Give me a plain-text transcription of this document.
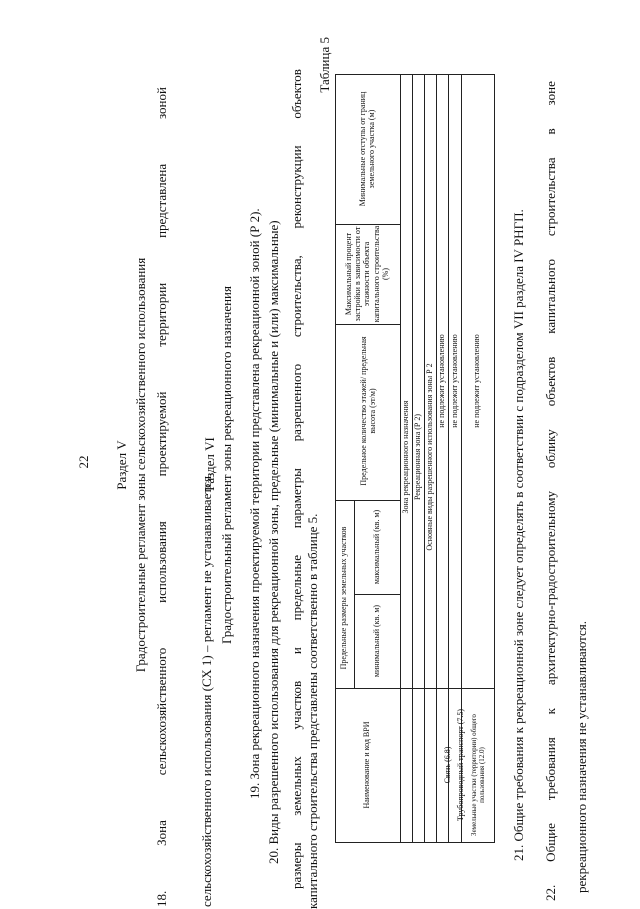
22 Раздел V Градостроительные регламент зоны сельскохозяйственного использования
18.
Зона
сельскохозяйственного
использования
проектируемой
территории
представлена
зоной
сельскохозяйственного использования (СХ 1) – регламент не устанавливается.
Раздел VI Градостроительный регламент зоны рекреационного назначения 19. Зона рекреационного назначения проектируемой территории представлена рекреационной зоной (Р 2). 20. Виды разрешенного использования для рекреационной зоны, предельные (минимальные и (или) максимальные)
размеры
земельных
участков
и
предельные
параметры
разрешенного
строительства,
реконструкции
объектов
капитального строительства представлены соответственно в таблице 5.
Таблица 5
Минимальные отступы от границ земельного участка (м)
Максимальный процент застройки в зависимости от этажности объекта капитального строительства (%)
Предельное количество этажей/ предельная высота (эт/м)
Предельные размеры земельных участков	максимальный (кв. м)
минимальный (кв. м)
Наименование и код ВРИ
Зона рекреационного назначения Рекреационная зона (Р 2) Основные виды разрешенного использования зоны Р 2
Связь (6.8) Трубопроводный транспорт (7.5) Земельные участки (территории) общего пользования (12.0)
не подлежит установлению не подлежит установлению не подлежит установлению 21. Общие требования к рекреационной зоне следует определять в соответствии с подразделом VII раздела IV РНГП.
22.
Общие
требования
к
архитектурно-градостроительному
облику
объектов
капитального
строительства
в
зоне
рекреационного назначения не устанавливаются.
